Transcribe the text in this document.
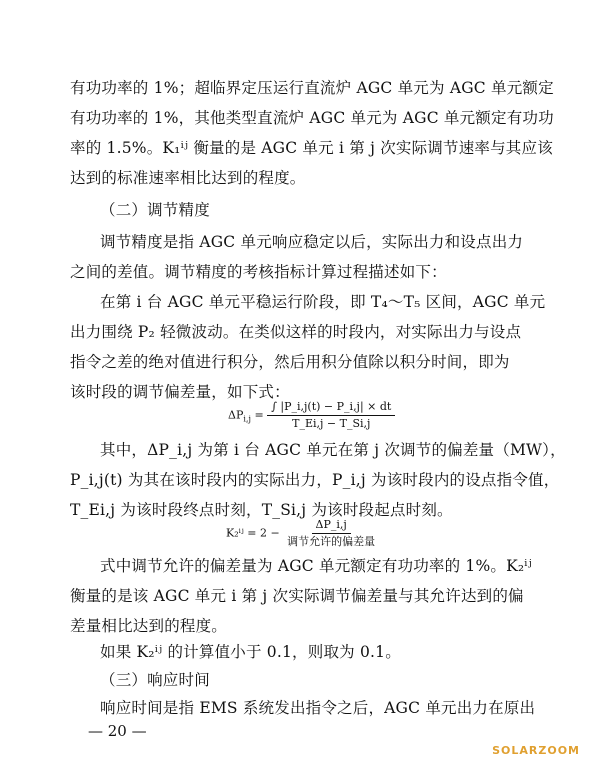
有功功率的 1%；超临界定压运行直流炉 AGC 单元为 AGC 单元额定
有功功率的 1%，其他类型直流炉 AGC 单元为 AGC 单元额定有功功
率的 1.5%。K₁ⁱʲ 衡量的是 AGC 单元 i 第 j 次实际调节速率与其应该
达到的标准速率相比达到的程度。
（二）调节精度
调节精度是指 AGC 单元响应稳定以后，实际出力和设点出力
之间的差值。调节精度的考核指标计算过程描述如下：
在第 i 台 AGC 单元平稳运行阶段，即 T₄～T₅ 区间，AGC 单元
出力围绕 P₂ 轻微波动。在类似这样的时段内，对实际出力与设点
指令之差的绝对值进行积分，然后用积分值除以积分时间，即为
该时段的调节偏差量，如下式：
$\Delta P_{i,j} = \frac{\int |P\_i,j(t) - P\_i,j| \times dt}{T\_Ei,j - T\_Si,j}$
其中，ΔP_i,j 为第 i 台 AGC 单元在第 j 次调节的偏差量（MW），
P_i,j(t) 为其在该时段内的实际出力，P_i,j 为该时段内的设点指令值，
T_Ei,j 为该时段终点时刻，T_Si,j 为该时段起点时刻。
K₂ⁱʲ = $2 - \frac{\Delta P\_i,j}{\text{调节允许的偏差量}}$
式中调节允许的偏差量为 AGC 单元额定有功功率的 1%。K₂ⁱʲ
衡量的是该 AGC 单元 i 第 j 次实际调节偏差量与其允许达到的偏
差量相比达到的程度。
如果 K₂ⁱʲ 的计算值小于 0.1，则取为 0.1。
（三）响应时间
响应时间是指 EMS 系统发出指令之后，AGC 单元出力在原出
— 20 —
SOLARZOOM
